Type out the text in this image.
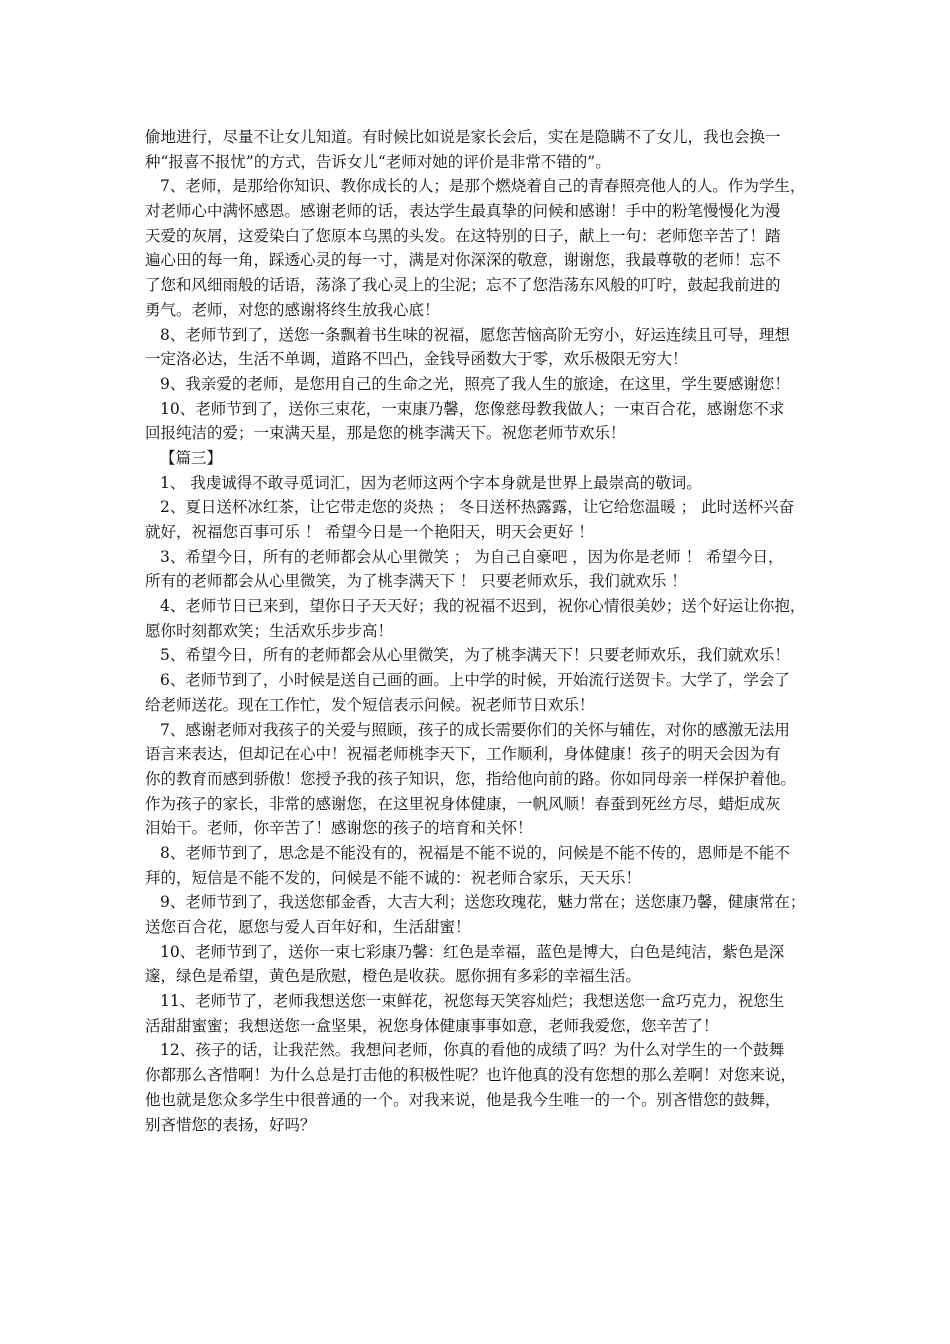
偷地进行，尽量不让女儿知道。有时候比如说是家长会后，实在是隐瞒不了女儿，我也会换一
种“报喜不报忧”的方式，告诉女儿“老师对她的评价是非常不错的”。
7、老师，是那给你知识、教你成长的人；是那个燃烧着自己的青春照亮他人的人。作为学生，
对老师心中满怀感恩。感谢老师的话，表达学生最真挚的问候和感谢！手中的粉笔慢慢化为漫
天爱的灰屑，这爱染白了您原本乌黑的头发。在这特别的日子，献上一句：老师您辛苦了！踏
遍心田的每一角，踩透心灵的每一寸，满是对你深深的敬意，谢谢您，我最尊敬的老师！忘不
了您和风细雨般的话语，荡涤了我心灵上的尘泥；忘不了您浩荡东风般的叮咛，鼓起我前进的
勇气。老师，对您的感谢将终生放我心底！
8、老师节到了，送您一条飘着书生味的祝福，愿您苦恼高阶无穷小，好运连续且可导，理想
一定洛必达，生活不单调，道路不凹凸，金钱导函数大于零，欢乐极限无穷大！
9、我亲爱的老师，是您用自己的生命之光，照亮了我人生的旅途，在这里，学生要感谢您！
10、老师节到了，送你三束花，一束康乃馨，您像慈母教我做人；一束百合花，感谢您不求
回报纯洁的爱；一束满天星，那是您的桃李满天下。祝您老师节欢乐！
【篇三】
1、 我虔诚得不敢寻觅词汇，因为老师这两个字本身就是世界上最崇高的敬词。
2、夏日送杯冰红茶，让它带走您的炎热 ； 冬日送杯热露露，让它给您温暖 ； 此时送杯兴奋
就好，祝福您百事可乐 ！ 希望今日是一个艳阳天，明天会更好 ！
3、希望今日，所有的老师都会从心里微笑 ； 为自己自豪吧 ，因为你是老师 ！ 希望今日，
所有的老师都会从心里微笑，为了桃李满天下 ！ 只要老师欢乐，我们就欢乐 ！
4、老师节日已来到，望你日子天天好；我的祝福不迟到，祝你心情很美妙；送个好运让你抱，
愿你时刻都欢笑；生活欢乐步步高！
5、希望今日，所有的老师都会从心里微笑，为了桃李满天下！只要老师欢乐，我们就欢乐！
6、老师节到了，小时候是送自己画的画。上中学的时候，开始流行送贺卡。大学了，学会了
给老师送花。现在工作忙，发个短信表示问候。祝老师节日欢乐！
7、感谢老师对我孩子的关爱与照顾，孩子的成长需要你们的关怀与辅佐，对你的感激无法用
语言来表达，但却记在心中！祝福老师桃李天下，工作顺利，身体健康！孩子的明天会因为有
你的教育而感到骄傲！您授予我的孩子知识，您，指给他向前的路。你如同母亲一样保护着他。
作为孩子的家长，非常的感谢您，在这里祝身体健康，一帆风顺！春蚕到死丝方尽，蜡炬成灰
泪始干。老师，你辛苦了！感谢您的孩子的培育和关怀！
8、老师节到了，思念是不能没有的，祝福是不能不说的，问候是不能不传的，恩师是不能不
拜的，短信是不能不发的，问候是不能不诚的：祝老师合家乐，天天乐！
9、老师节到了，我送您郁金香，大吉大利；送您玫瑰花，魅力常在；送您康乃馨，健康常在；
送您百合花，愿您与爱人百年好和，生活甜蜜！
10、老师节到了，送你一束七彩康乃馨：红色是幸福，蓝色是博大，白色是纯洁，紫色是深
邃，绿色是希望，黄色是欣慰，橙色是收获。愿你拥有多彩的幸福生活。
11、老师节了，老师我想送您一束鲜花，祝您每天笑容灿烂；我想送您一盒巧克力，祝您生
活甜甜蜜蜜；我想送您一盒坚果，祝您身体健康事事如意，老师我爱您，您辛苦了！
12、孩子的话，让我茫然。我想问老师，你真的看他的成绩了吗？为什么对学生的一个鼓舞
你都那么吝惜啊！为什么总是打击他的积极性呢？也许他真的没有您想的那么差啊！对您来说，
他也就是您众多学生中很普通的一个。对我来说，他是我今生唯一的一个。别吝惜您的鼓舞，
别吝惜您的表扬，好吗？
